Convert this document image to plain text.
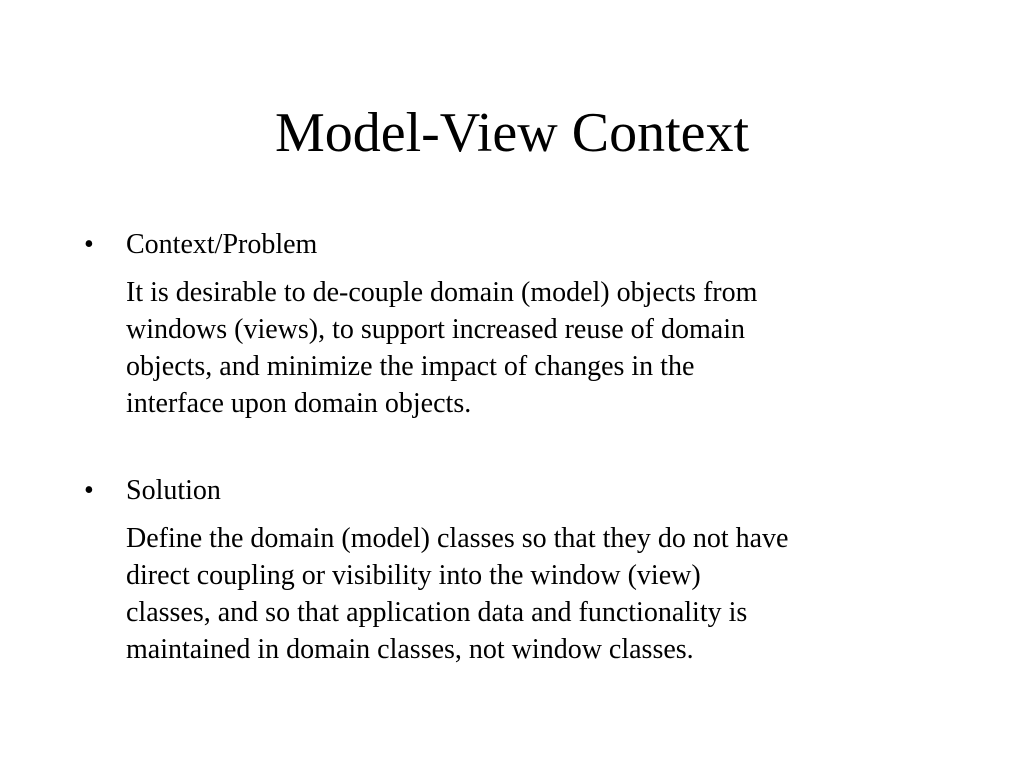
Model-View Context
• Context/Problem

It is desirable to de-couple domain (model) objects from
windows (views), to support increased reuse of domain
objects, and minimize the impact of changes in the
interface upon domain objects.

• Solution

Define the domain (model) classes so that they do not have
direct coupling or visibility into the window (view)
classes, and so that application data and functionality is
maintained in domain classes, not window classes.
